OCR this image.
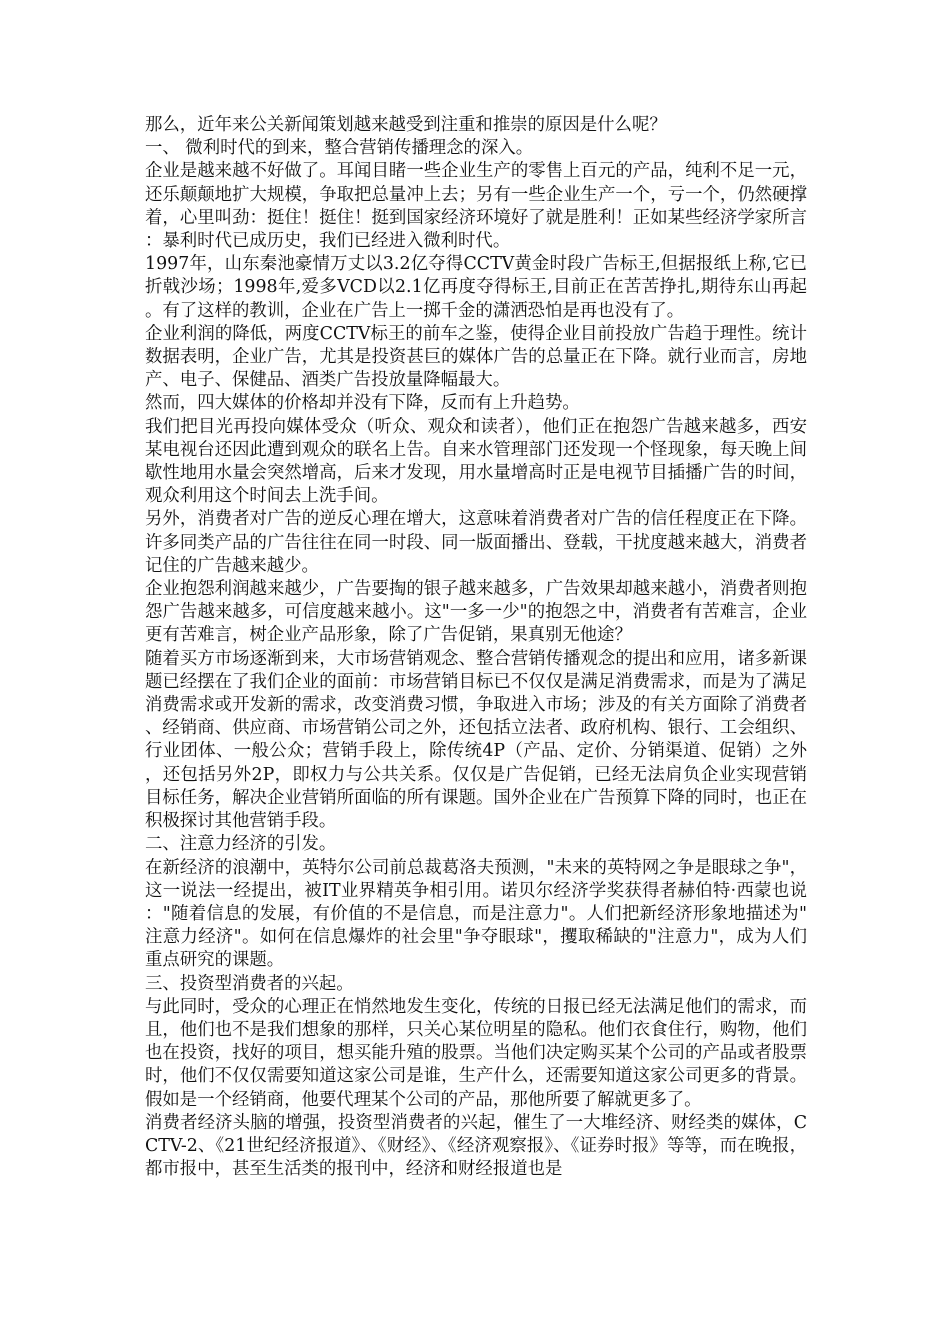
那么，近年来公关新闻策划越来越受到注重和推崇的原因是什么呢？

一、 微利时代的到来，整合营销传播理念的深入。

企业是越来越不好做了。耳闻目睹一些企业生产的零售上百元的产品，纯利不足一元，还乐颠颠地扩大规模，争取把总量冲上去；另有一些企业生产一个，亏一个，仍然硬撑着，心里叫劲：挺住！挺住！挺到国家经济环境好了就是胜利！正如某些经济学家所言：暴利时代已成历史，我们已经进入微利时代。

1997年，山东秦池豪情万丈以3.2亿夺得CCTV黄金时段广告标王,但据报纸上称,它已折戟沙场；1998年,爱多VCD以2.1亿再度夺得标王,目前正在苦苦挣扎,期待东山再起。有了这样的教训，企业在广告上一掷千金的潇洒恐怕是再也没有了。

企业利润的降低，两度CCTV标王的前车之鉴，使得企业目前投放广告趋于理性。统计数据表明，企业广告，尤其是投资甚巨的媒体广告的总量正在下降。就行业而言，房地产、电子、保健品、酒类广告投放量降幅最大。

然而，四大媒体的价格却并没有下降，反而有上升趋势。

我们把目光再投向媒体受众（听众、观众和读者），他们正在抱怨广告越来越多，西安某电视台还因此遭到观众的联名上告。自来水管理部门还发现一个怪现象，每天晚上间歇性地用水量会突然增高，后来才发现，用水量增高时正是电视节目插播广告的时间，观众利用这个时间去上洗手间。

另外，消费者对广告的逆反心理在增大，这意味着消费者对广告的信任程度正在下降。许多同类产品的广告往往在同一时段、同一版面播出、登载，干扰度越来越大，消费者记住的广告越来越少。

企业抱怨利润越来越少，广告要掏的银子越来越多，广告效果却越来越小，消费者则抱怨广告越来越多，可信度越来越小。这"一多一少"的抱怨之中，消费者有苦难言，企业更有苦难言，树企业产品形象，除了广告促销，果真别无他途？

随着买方市场逐渐到来，大市场营销观念、整合营销传播观念的提出和应用，诸多新课题已经摆在了我们企业的面前：市场营销目标已不仅仅是满足消费需求，而是为了满足消费需求或开发新的需求，改变消费习惯，争取进入市场；涉及的有关方面除了消费者、经销商、供应商、市场营销公司之外，还包括立法者、政府机构、银行、工会组织、行业团体、一般公众；营销手段上，除传统4P（产品、定价、分销渠道、促销）之外，还包括另外2P，即权力与公共关系。仅仅是广告促销，已经无法肩负企业实现营销目标任务，解决企业营销所面临的所有课题。国外企业在广告预算下降的同时，也正在积极探讨其他营销手段。

二、注意力经济的引发。

在新经济的浪潮中，英特尔公司前总裁葛洛夫预测，"未来的英特网之争是眼球之争"，这一说法一经提出，被IT业界精英争相引用。诺贝尔经济学奖获得者赫伯特·西蒙也说："随着信息的发展，有价值的不是信息，而是注意力"。人们把新经济形象地描述为"注意力经济"。如何在信息爆炸的社会里"争夺眼球"，攫取稀缺的"注意力"，成为人们重点研究的课题。

三、投资型消费者的兴起。

与此同时，受众的心理正在悄然地发生变化，传统的日报已经无法满足他们的需求，而且，他们也不是我们想象的那样，只关心某位明星的隐私。他们衣食住行，购物，他们也在投资，找好的项目，想买能升殖的股票。当他们决定购买某个公司的产品或者股票时，他们不仅仅需要知道这家公司是谁，生产什么，还需要知道这家公司更多的背景。假如是一个经销商，他要代理某个公司的产品，那他所要了解就更多了。

消费者经济头脑的增强，投资型消费者的兴起，催生了一大堆经济、财经类的媒体，CCTV-2、《21世纪经济报道》、《财经》、《经济观察报》、《证券时报》等等，而在晚报，都市报中，甚至生活类的报刊中，经济和财经报道也是
